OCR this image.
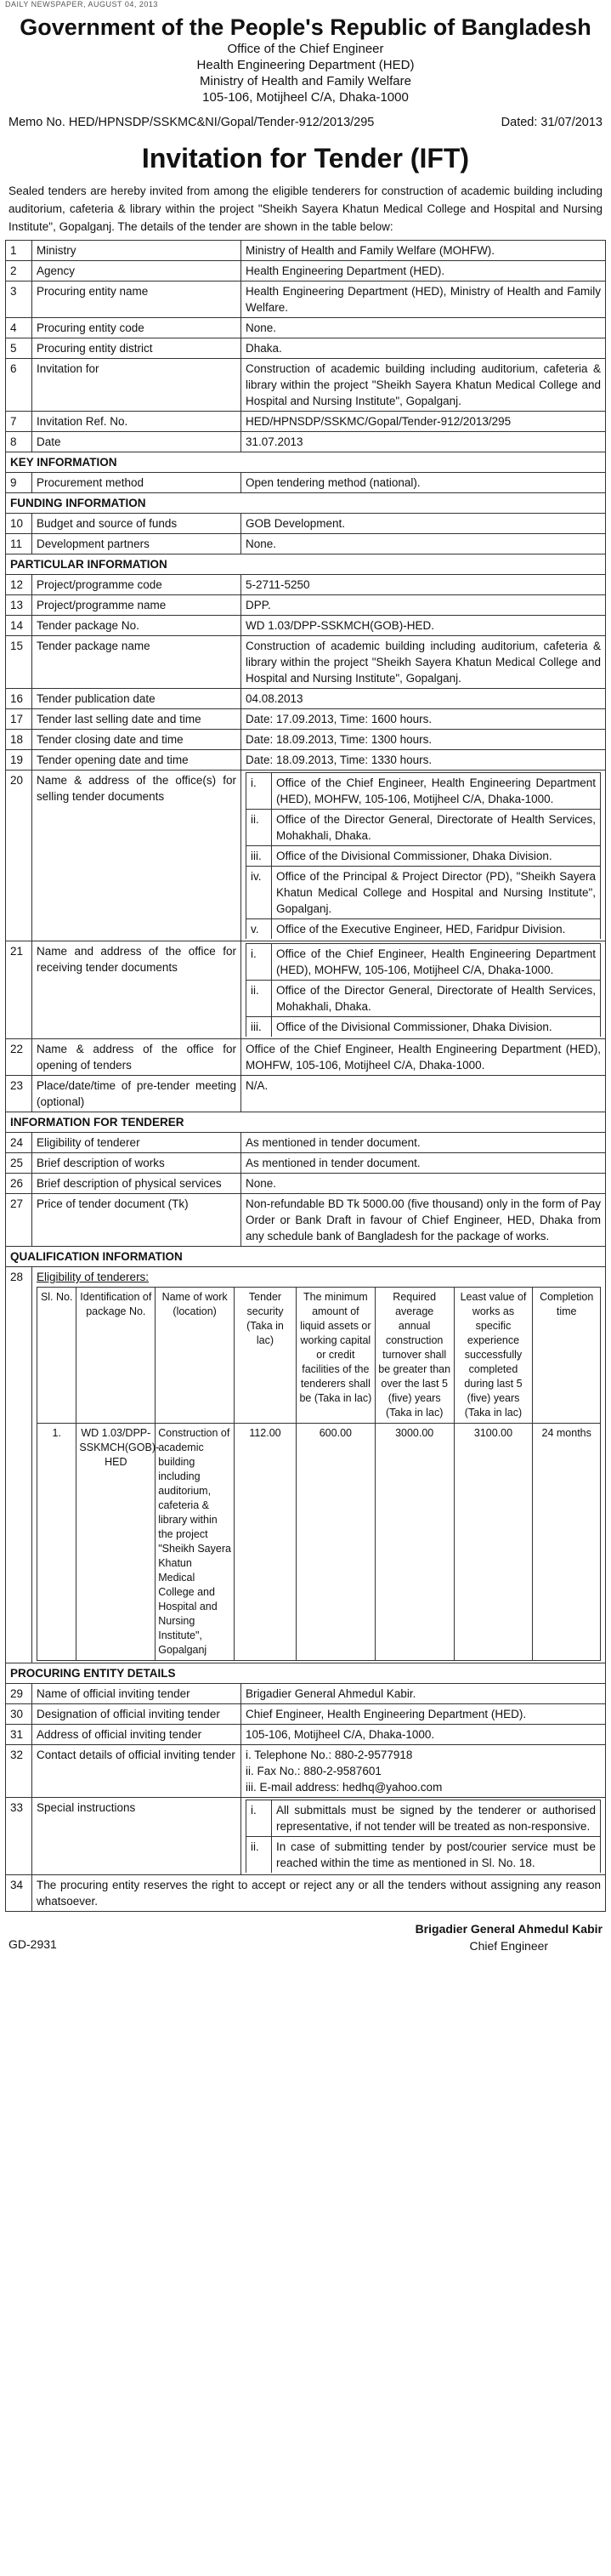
DAILY NEWSPAPER, AUGUST 04, 2013
Government of the People's Republic of Bangladesh
Office of the Chief Engineer
Health Engineering Department (HED)
Ministry of Health and Family Welfare
105-106, Motijheel C/A, Dhaka-1000
Memo No. HED/HPNSDP/SSKMC&NI/Gopal/Tender-912/2013/295	Dated: 31/07/2013
Invitation for Tender (IFT)
Sealed tenders are hereby invited from among the eligible tenderers for construction of academic building including auditorium, cafeteria & library within the project "Sheikh Sayera Khatun Medical College and Hospital and Nursing Institute", Gopalganj. The details of the tender are shown in the table below:
1	Ministry	Ministry of Health and Family Welfare (MOHFW).
2	Agency	Health Engineering Department (HED).
3	Procuring entity name	Health Engineering Department (HED), Ministry of Health and Family Welfare.
4	Procuring entity code	None.
5	Procuring entity district	Dhaka.
6	Invitation for	Construction of academic building including auditorium, cafeteria & library within the project "Sheikh Sayera Khatun Medical College and Hospital and Nursing Institute", Gopalganj.
7	Invitation Ref. No.	HED/HPNSDP/SSKMC/Gopal/Tender-912/2013/295
8	Date	31.07.2013
KEY INFORMATION
9	Procurement method	Open tendering method (national).
FUNDING INFORMATION
10	Budget and source of funds	GOB Development.
11	Development partners	None.
PARTICULAR INFORMATION
12	Project/programme code	5-2711-5250
13	Project/programme name	DPP.
14	Tender package No.	WD 1.03/DPP-SSKMCH(GOB)-HED.
15	Tender package name	Construction of academic building including auditorium, cafeteria & library within the project "Sheikh Sayera Khatun Medical College and Hospital and Nursing Institute", Gopalganj.
16	Tender publication date	04.08.2013
17	Tender last selling date and time	Date: 17.09.2013, Time: 1600 hours.
18	Tender closing date and time	Date: 18.09.2013, Time: 1300 hours.
19	Tender opening date and time	Date: 18.09.2013, Time: 1330 hours.
20	Name & address of the office(s) for selling tender documents	
i.	Office of the Chief Engineer, Health Engineering Department (HED), MOHFW, 105-106, Motijheel C/A, Dhaka-1000.
ii.	Office of the Director General, Directorate of Health Services, Mohakhali, Dhaka.
iii.	Office of the Divisional Commissioner, Dhaka Division.
iv.	Office of the Principal & Project Director (PD), "Sheikh Sayera Khatun Medical College and Hospital and Nursing Institute", Gopalganj.
v.	Office of the Executive Engineer, HED, Faridpur Division.

21	Name and address of the office for receiving tender documents	
i.	Office of the Chief Engineer, Health Engineering Department (HED), MOHFW, 105-106, Motijheel C/A, Dhaka-1000.
ii.	Office of the Director General, Directorate of Health Services, Mohakhali, Dhaka.
iii.	Office of the Divisional Commissioner, Dhaka Division.

22	Name & address of the office for opening of tenders	Office of the Chief Engineer, Health Engineering Department (HED), MOHFW, 105-106, Motijheel C/A, Dhaka-1000.
23	Place/date/time of pre-tender meeting (optional)	N/A.
INFORMATION FOR TENDERER
24	Eligibility of tenderer	As mentioned in tender document.
25	Brief description of works	As mentioned in tender document.
26	Brief description of physical services	None.
27	Price of tender document (Tk)	Non-refundable BD Tk 5000.00 (five thousand) only in the form of Pay Order or Bank Draft in favour of Chief Engineer, HED, Dhaka from any schedule bank of Bangladesh for the package of works.
QUALIFICATION INFORMATION
28	Eligibility of tenderers:
Sl. No.	Identification of package No.	Name of work (location)	Tender security (Taka in lac)	The minimum amount of liquid assets or working capital or credit facilities of the tenderers shall be (Taka in lac)	Required average annual construction turnover shall be greater than over the last 5 (five) years (Taka in lac)	Least value of works as specific experience successfully completed during last 5 (five) years (Taka in lac)	Completion time
1.	WD 1.03/DPP-SSKMCH(GOB)-HED	Construction of academic building including auditorium, cafeteria & library within the project "Sheikh Sayera Khatun Medical College and Hospital and Nursing Institute", Gopalganj	112.00	600.00	3000.00	3100.00	24 months

PROCURING ENTITY DETAILS
29	Name of official inviting tender	Brigadier General Ahmedul Kabir.
30	Designation of official inviting tender	Chief Engineer, Health Engineering Department (HED).
31	Address of official inviting tender	105-106, Motijheel C/A, Dhaka-1000.
32	Contact details of official inviting tender	i. Telephone No.: 880-2-9577918
ii. Fax No.: 880-2-9587601
iii. E-mail address: hedhq@yahoo.com

33	Special instructions		i.	All submittals must be signed by the tenderer or authorised representative, if not tender will be treated as non-responsive.
ii.	In case of submitting tender by post/courier service must be reached within the time as mentioned in Sl. No. 18.

34	The procuring entity reserves the right to accept or reject any or all the tenders without assigning any reason whatsoever.
GD-2931
Brigadier General Ahmedul Kabir
Chief Engineer
